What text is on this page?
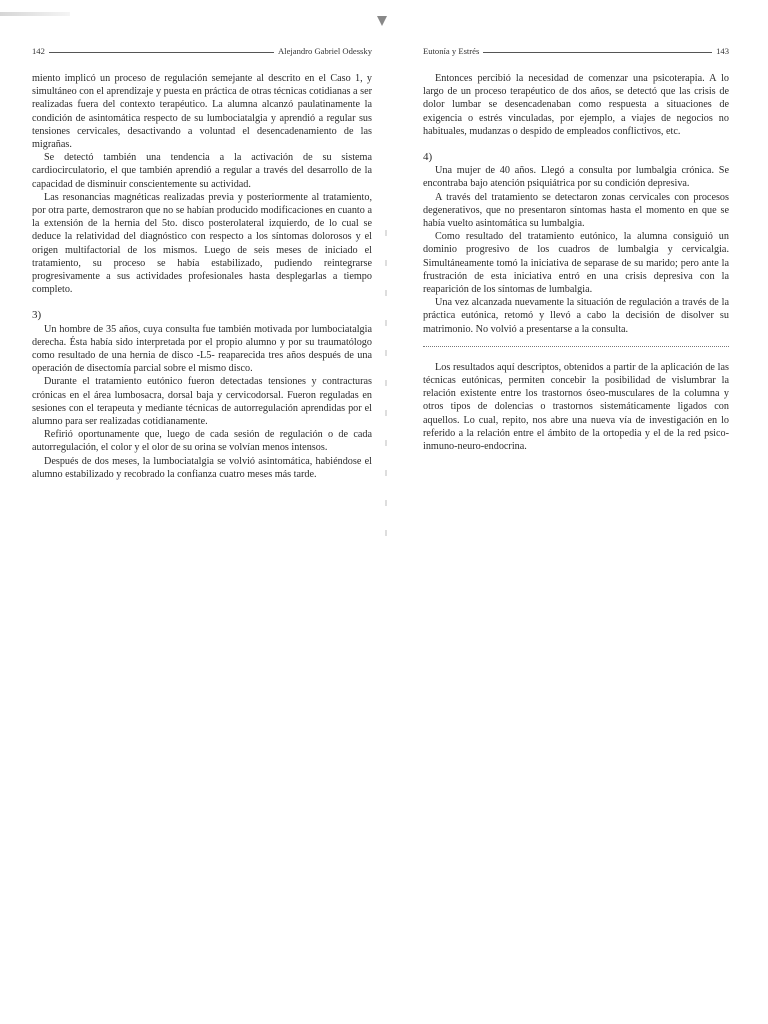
142	Alejandro Gabriel Odessky

miento implicó un proceso de regulación semejante al descrito en el Caso 1, y simultáneo con el aprendizaje y puesta en práctica de otras técnicas cotidianas a ser realizadas fuera del contexto terapéutico. La alumna alcanzó paulatinamente la condición de asintomática respecto de su lumbociatalgia y aprendió a regular sus tensiones cervicales, desactivando a voluntad el desencadenamiento de las migrañas.

Se detectó también una tendencia a la activación de su sistema cardiocirculatorio, el que también aprendió a regular a través del desarrollo de la capacidad de disminuir conscientemente su actividad.

Las resonancias magnéticas realizadas previa y posteriormente al tratamiento, por otra parte, demostraron que no se habían producido modificaciones en cuanto a la extensión de la hernia del 5to. disco posterolateral izquierdo, de lo cual se deduce la relatividad del diagnóstico con respecto a los síntomas dolorosos y el origen multifactorial de los mismos. Luego de seis meses de iniciado el tratamiento, su proceso se había estabilizado, pudiendo reintegrarse progresivamente a sus actividades profesionales hasta desplegarlas a tiempo completo.

3)

Un hombre de 35 años, cuya consulta fue también motivada por lumbociatalgia derecha. Ésta había sido interpretada por el propio alumno y por su traumatólogo como resultado de una hernia de disco -L5- reaparecida tres años después de una operación de disectomía parcial sobre el mismo disco.

Durante el tratamiento eutónico fueron detectadas tensiones y contracturas crónicas en el área lumbosacra, dorsal baja y cervicodorsal. Fueron reguladas en sesiones con el terapeuta y mediante técnicas de autorregulación aprendidas por el alumno para ser realizadas cotidianamente.

Refirió oportunamente que, luego de cada sesión de regulación o de cada autorregulación, el color y el olor de su orina se volvían menos intensos.

Después de dos meses, la lumbociatalgia se volvió asintomática, habiéndose el alumno estabilizado y recobrado la confianza cuatro meses más tarde.

Eutonía y Estrés	143

Entonces percibió la necesidad de comenzar una psicoterapia. A lo largo de un proceso terapéutico de dos años, se detectó que las crisis de dolor lumbar se desencadenaban como respuesta a situaciones de exigencia o estrés vinculadas, por ejemplo, a viajes de negocios no habituales, mudanzas o despido de empleados conflictivos, etc.

4)

Una mujer de 40 años. Llegó a consulta por lumbalgia crónica. Se encontraba bajo atención psiquiátrica por su condición depresiva.

A través del tratamiento se detectaron zonas cervicales con procesos degenerativos, que no presentaron síntomas hasta el momento en que se había vuelto asintomática su lumbalgia.

Como resultado del tratamiento eutónico, la alumna consiguió un dominio progresivo de los cuadros de lumbalgia y cervicalgia. Simultáneamente tomó la iniciativa de separase de su marido; pero ante la frustración de esta iniciativa entró en una crisis depresiva con la reaparición de los síntomas de lumbalgia.

Una vez alcanzada nuevamente la situación de regulación a través de la práctica eutónica, retomó y llevó a cabo la decisión de disolver su matrimonio. No volvió a presentarse a la consulta.

Los resultados aquí descriptos, obtenidos a partir de la aplicación de las técnicas eutónicas, permiten concebir la posibilidad de vislumbrar la relación existente entre los trastornos óseo-musculares de la columna y otros tipos de dolencias o trastornos sistemáticamente ligados con aquellos. Lo cual, repito, nos abre una nueva vía de investigación en lo referido a la relación entre el ámbito de la ortopedia y el de la red psico-inmuno-neuro-endocrina.
